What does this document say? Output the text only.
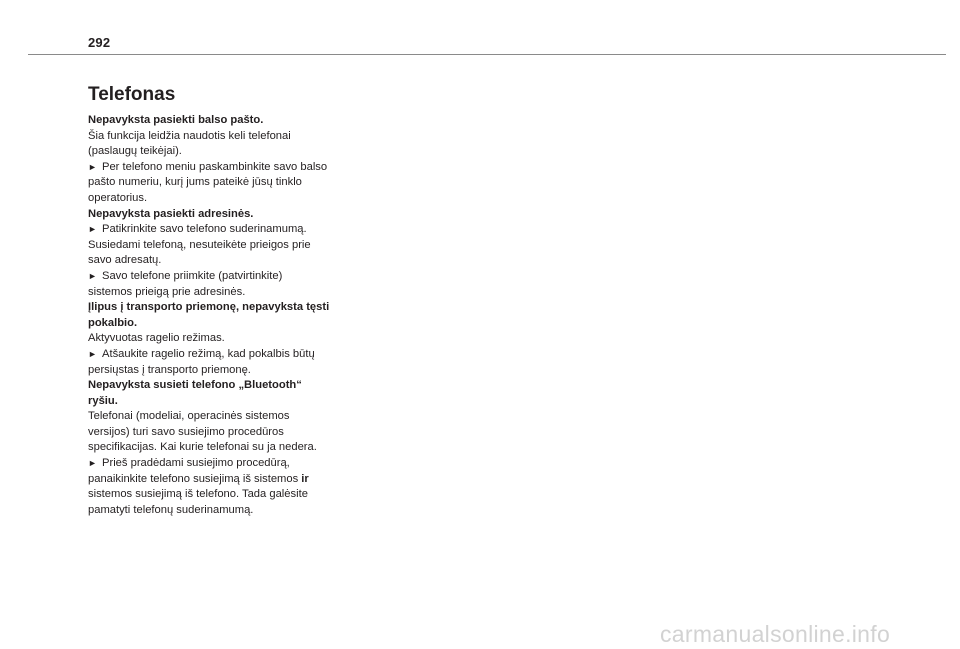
292
Telefonas
Nepavyksta pasiekti balso pašto.
Šia funkcija leidžia naudotis keli telefonai
(paslaugų teikėjai).
► Per telefono meniu paskambinkite savo balso
pašto numeriu, kurį jums pateikė jūsų tinklo
operatorius.
Nepavyksta pasiekti adresinės.
► Patikrinkite savo telefono suderinamumą.
Susiedami telefoną, nesuteikėte prieigos prie
savo adresatų.
► Savo telefone priimkite (patvirtinkite)
sistemos prieigą prie adresinės.
Įlipus į transporto priemonę, nepavyksta tęsti
pokalbio.
Aktyvuotas ragelio režimas.
► Atšaukite ragelio režimą, kad pokalbis būtų
persiųstas į transporto priemonę.
Nepavyksta susieti telefono „Bluetooth“
ryšiu.
Telefonai (modeliai, operacinės sistemos
versijos) turi savo susiejimo procedūros
specifikacijas. Kai kurie telefonai su ja nedera.
► Prieš pradėdami susiejimo procedūrą,
panaikinkite telefono susiejimą iš sistemos ir
sistemos susiejimą iš telefono. Tada galėsite
pamatyti telefonų suderinamumą.
carmanualsonline.info
